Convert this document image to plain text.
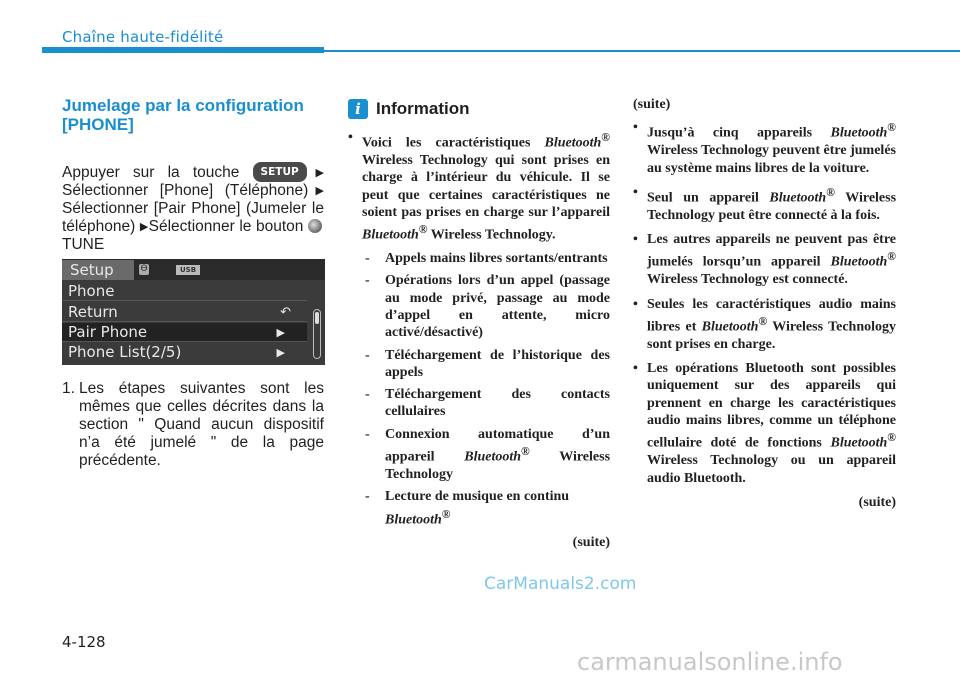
Chaîne haute-fidélité
Jumelage par la configuration [PHONE]
Appuyer sur la touche SETUP ▶ Sélectionner [Phone] (Téléphone)▶ Sélectionner [Pair Phone] (Jumeler le téléphone) ▶Sélectionner le bouton TUNE
Setup	ϴ	USB
Phone
Return	↶
Pair Phone	▶
Phone List(2/5)	▶
1. Les étapes suivantes sont les mêmes que celles décrites dans la section " Quand aucun dispositif n’a été jumelé " de la page précédente.
i Information
• Voici les caractéristiques Bluetooth® Wireless Technology qui sont prises en charge à l’intérieur du véhicule. Il se peut que certaines caractéristiques ne soient pas prises en charge sur l’appareil Bluetooth® Wireless Technology.
- Appels mains libres sortants/entrants
- Opérations lors d’un appel (passage au mode privé, passage au mode d’appel en attente, micro activé/désactivé)
- Téléchargement de l’historique des appels
- Téléchargement des contacts cellulaires
- Connexion automatique d’un appareil Bluetooth® Wireless Technology
- Lecture de musique en continu
Bluetooth®
(suite)
(suite)
• Jusqu’à cinq appareils Bluetooth® Wireless Technology peuvent être jumelés au système mains libres de la voiture.
• Seul un appareil Bluetooth® Wireless Technology peut être connecté à la fois.
• Les autres appareils ne peuvent pas être jumelés lorsqu’un appareil Bluetooth® Wireless Technology est connecté.
• Seules les caractéristiques audio mains libres et Bluetooth® Wireless Technology sont prises en charge.
• Les opérations Bluetooth sont possibles uniquement sur des appareils qui prennent en charge les caractéristiques audio mains libres, comme un téléphone cellulaire doté de fonctions Bluetooth® Wireless Technology ou un appareil audio Bluetooth.
(suite)
CarManuals2.com
4-128
carmanualsonline.info
